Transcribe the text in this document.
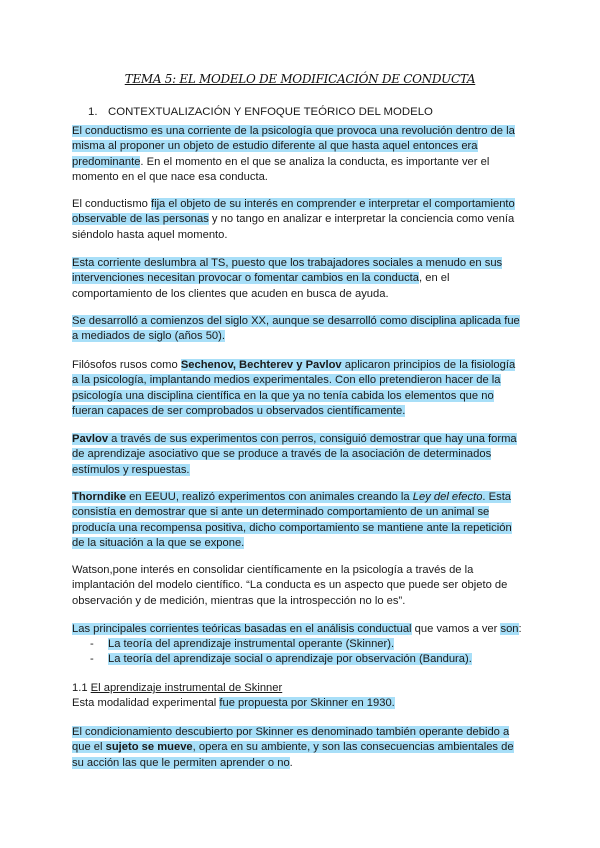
TEMA 5: EL MODELO DE MODIFICACIÓN DE CONDUCTA
1. CONTEXTUALIZACIÓN Y ENFOQUE TEÓRICO DEL MODELO
El conductismo es una corriente de la psicología que provoca una revolución dentro de la misma al proponer un objeto de estudio diferente al que hasta aquel entonces era predominante. En el momento en el que se analiza la conducta, es importante ver el momento en el que nace esa conducta.
El conductismo fija el objeto de su interés en comprender e interpretar el comportamiento observable de las personas y no tango en analizar e interpretar la conciencia como venía siéndolo hasta aquel momento.
Esta corriente deslumbra al TS, puesto que los trabajadores sociales a menudo en sus intervenciones necesitan provocar o fomentar cambios en la conducta, en el comportamiento de los clientes que acuden en busca de ayuda.
Se desarrolló a comienzos del siglo XX, aunque se desarrolló como disciplina aplicada fue a mediados de siglo (años 50).
Filósofos rusos como Sechenov, Bechterev y Pavlov aplicaron principios de la fisiología a la psicología, implantando medios experimentales. Con ello pretendieron hacer de la psicología una disciplina científica en la que ya no tenía cabida los elementos que no fueran capaces de ser comprobados u observados científicamente.
Pavlov a través de sus experimentos con perros, consiguió demostrar que hay una forma de aprendizaje asociativo que se produce a través de la asociación de determinados estímulos y respuestas.
Thorndike en EEUU, realizó experimentos con animales creando la Ley del efecto. Esta consistía en demostrar que si ante un determinado comportamiento de un animal se producía una recompensa positiva, dicho comportamiento se mantiene ante la repetición de la situación a la que se expone.
Watson,pone interés en consolidar científicamente en la psicología a través de la implantación del modelo científico. “La conducta es un aspecto que puede ser objeto de observación y de medición, mientras que la introspección no lo es”.
Las principales corrientes teóricas basadas en el análisis conductual que vamos a ver son:
- La teoría del aprendizaje instrumental operante (Skinner).
- La teoría del aprendizaje social o aprendizaje por observación (Bandura).
1.1 El aprendizaje instrumental de Skinner
Esta modalidad experimental fue propuesta por Skinner en 1930.
El condicionamiento descubierto por Skinner es denominado también operante debido a que el sujeto se mueve, opera en su ambiente, y son las consecuencias ambientales de su acción las que le permiten aprender o no.
